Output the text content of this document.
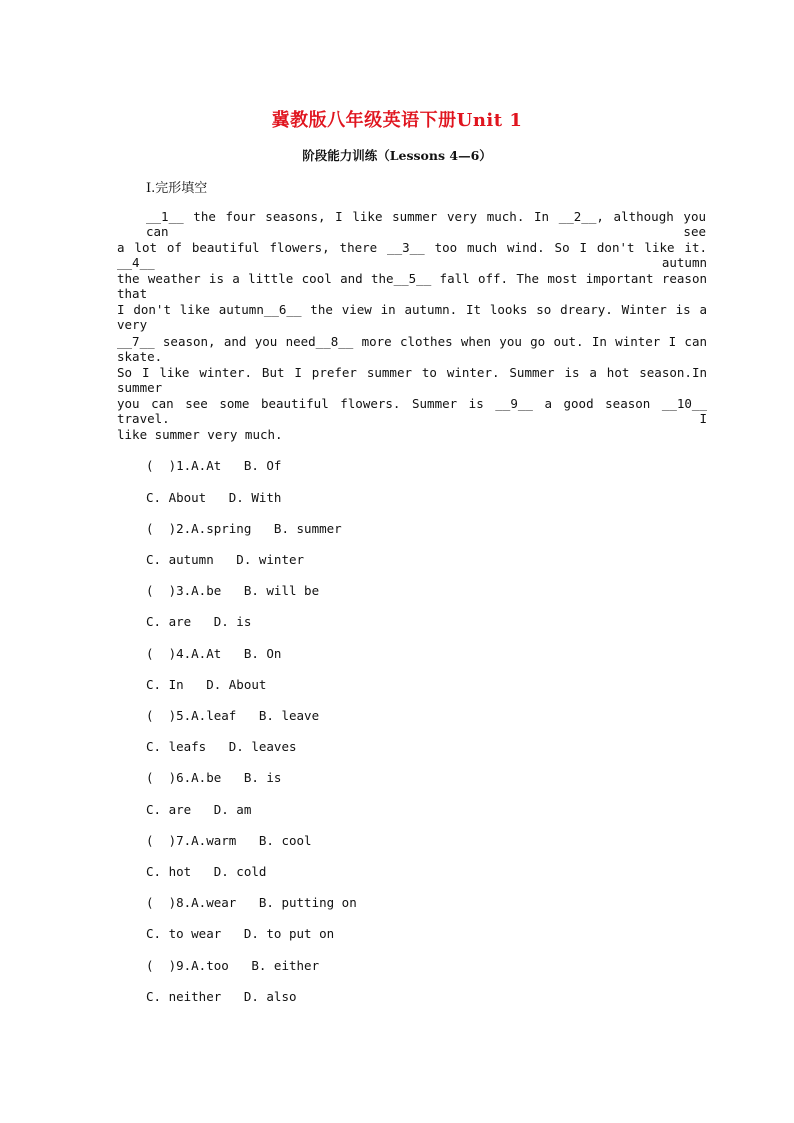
冀教版八年级英语下册Unit 1
阶段能力训练（Lessons 4—6）
Ⅰ.完形填空
__1__ the four seasons, I like summer very much. In __2__, although you can see
a lot of beautiful flowers, there __3__ too much wind. So I don't like it. __4__ autumn
the weather is a little cool and the__5__ fall off. The most important reason that
I don't like autumn__6__ the view in autumn. It looks so dreary. Winter is a very
__7__ season, and you need__8__ more clothes when you go out. In winter I can skate.
So I like winter. But I prefer summer to winter. Summer is a hot season.In summer
you can see some beautiful flowers. Summer is __9__ a good season __10__ travel. I
like summer very much.
(  )1.A.At   B. Of
C. About   D. With
(  )2.A.spring   B. summer
C. autumn   D. winter
(  )3.A.be   B. will be
C. are   D. is
(  )4.A.At   B. On
C. In   D. About
(  )5.A.leaf   B. leave
C. leafs   D. leaves
(  )6.A.be   B. is
C. are   D. am
(  )7.A.warm   B. cool
C. hot   D. cold
(  )8.A.wear   B. putting on
C. to wear   D. to put on
(  )9.A.too   B. either
C. neither   D. also
